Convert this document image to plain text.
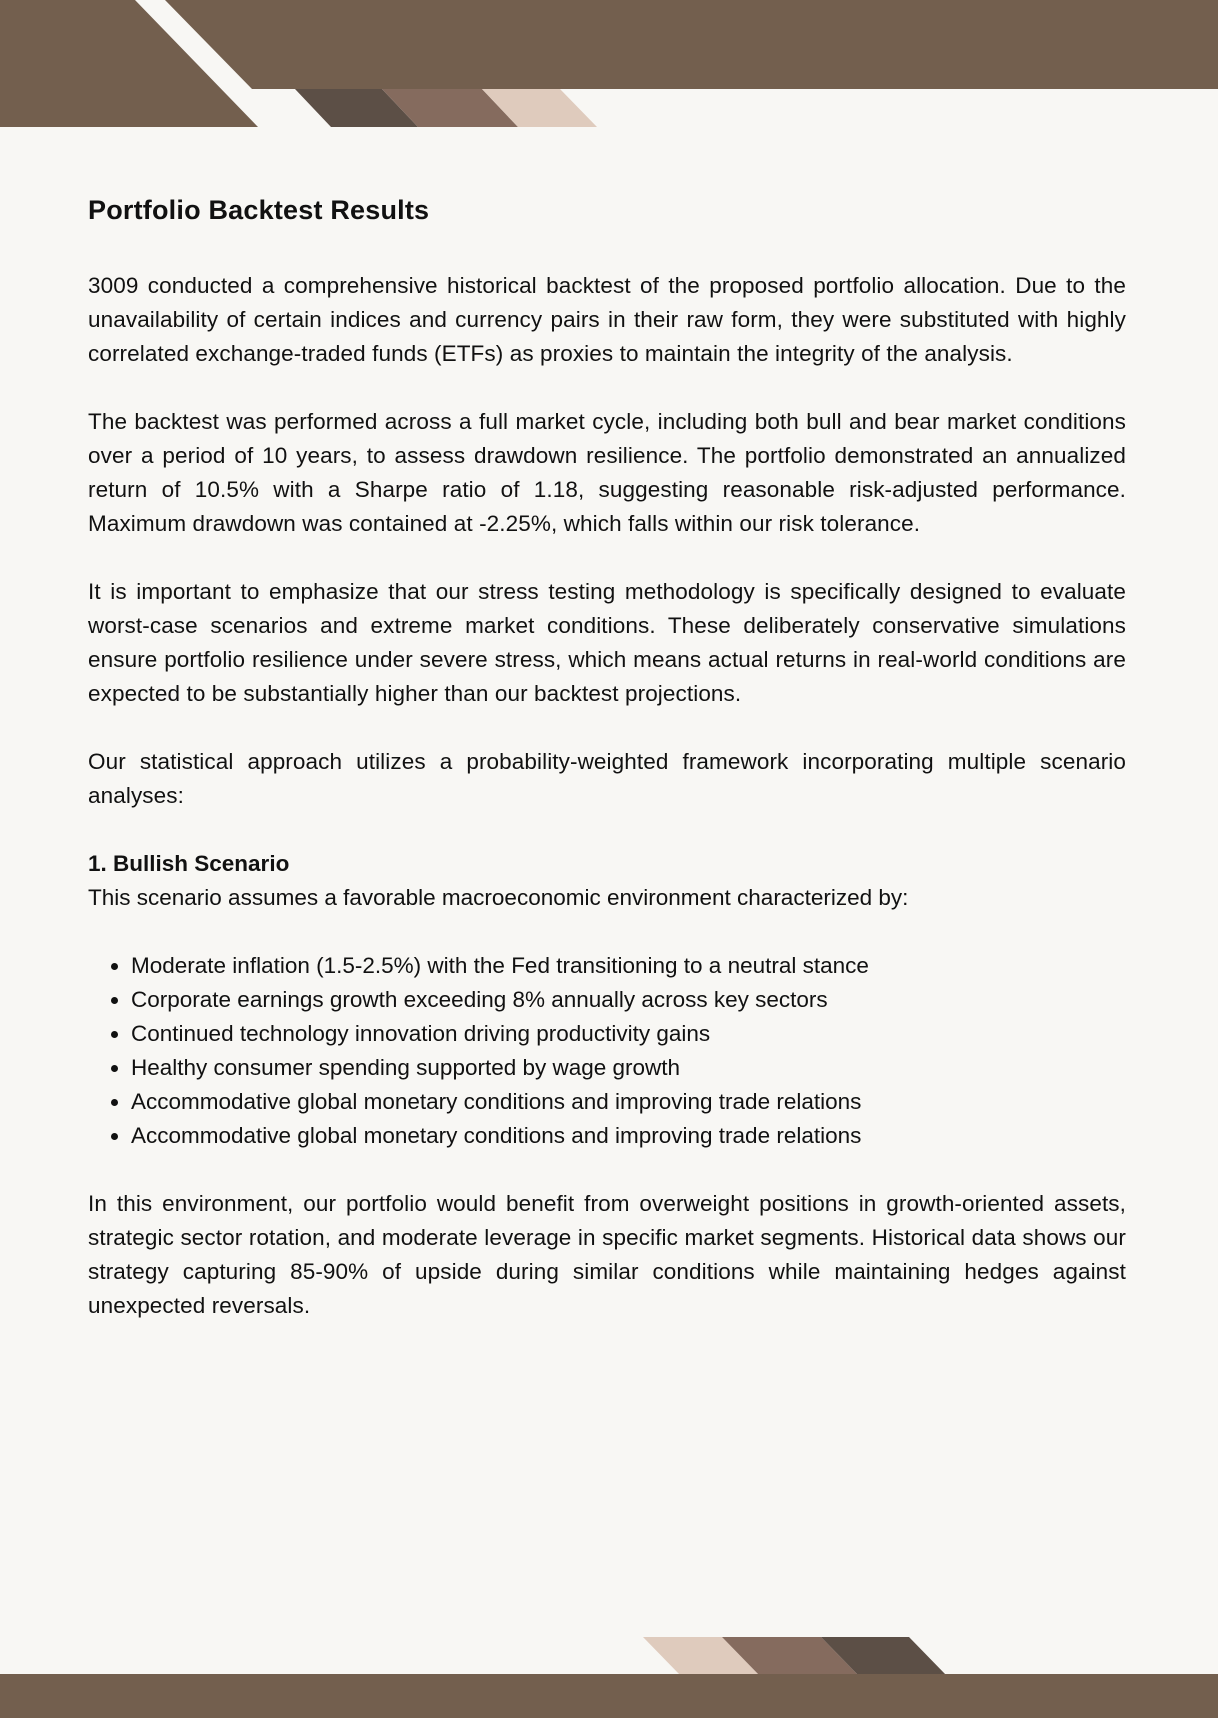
Portfolio Backtest Results

3009 conducted a comprehensive historical backtest of the proposed portfolio allocation. Due to the unavailability of certain indices and currency pairs in their raw form, they were substituted with highly correlated exchange-traded funds (ETFs) as proxies to maintain the integrity of the analysis.

The backtest was performed across a full market cycle, including both bull and bear market conditions over a period of 10 years, to assess drawdown resilience. The portfolio demonstrated an annualized return of 10.5% with a Sharpe ratio of 1.18, suggesting reasonable risk-adjusted performance. Maximum drawdown was contained at -2.25%, which falls within our risk tolerance.

It is important to emphasize that our stress testing methodology is specifically designed to evaluate worst-case scenarios and extreme market conditions. These deliberately conservative simulations ensure portfolio resilience under severe stress, which means actual returns in real-world conditions are expected to be substantially higher than our backtest projections.

Our statistical approach utilizes a probability-weighted framework incorporating multiple scenario analyses:

1. Bullish Scenario

This scenario assumes a favorable macroeconomic environment characterized by:

• Moderate inflation (1.5-2.5%) with the Fed transitioning to a neutral stance
• Corporate earnings growth exceeding 8% annually across key sectors
• Continued technology innovation driving productivity gains
• Healthy consumer spending supported by wage growth
• Accommodative global monetary conditions and improving trade relations
• Accommodative global monetary conditions and improving trade relations

In this environment, our portfolio would benefit from overweight positions in growth-oriented assets, strategic sector rotation, and moderate leverage in specific market segments. Historical data shows our strategy capturing 85-90% of upside during similar conditions while maintaining hedges against unexpected reversals.
